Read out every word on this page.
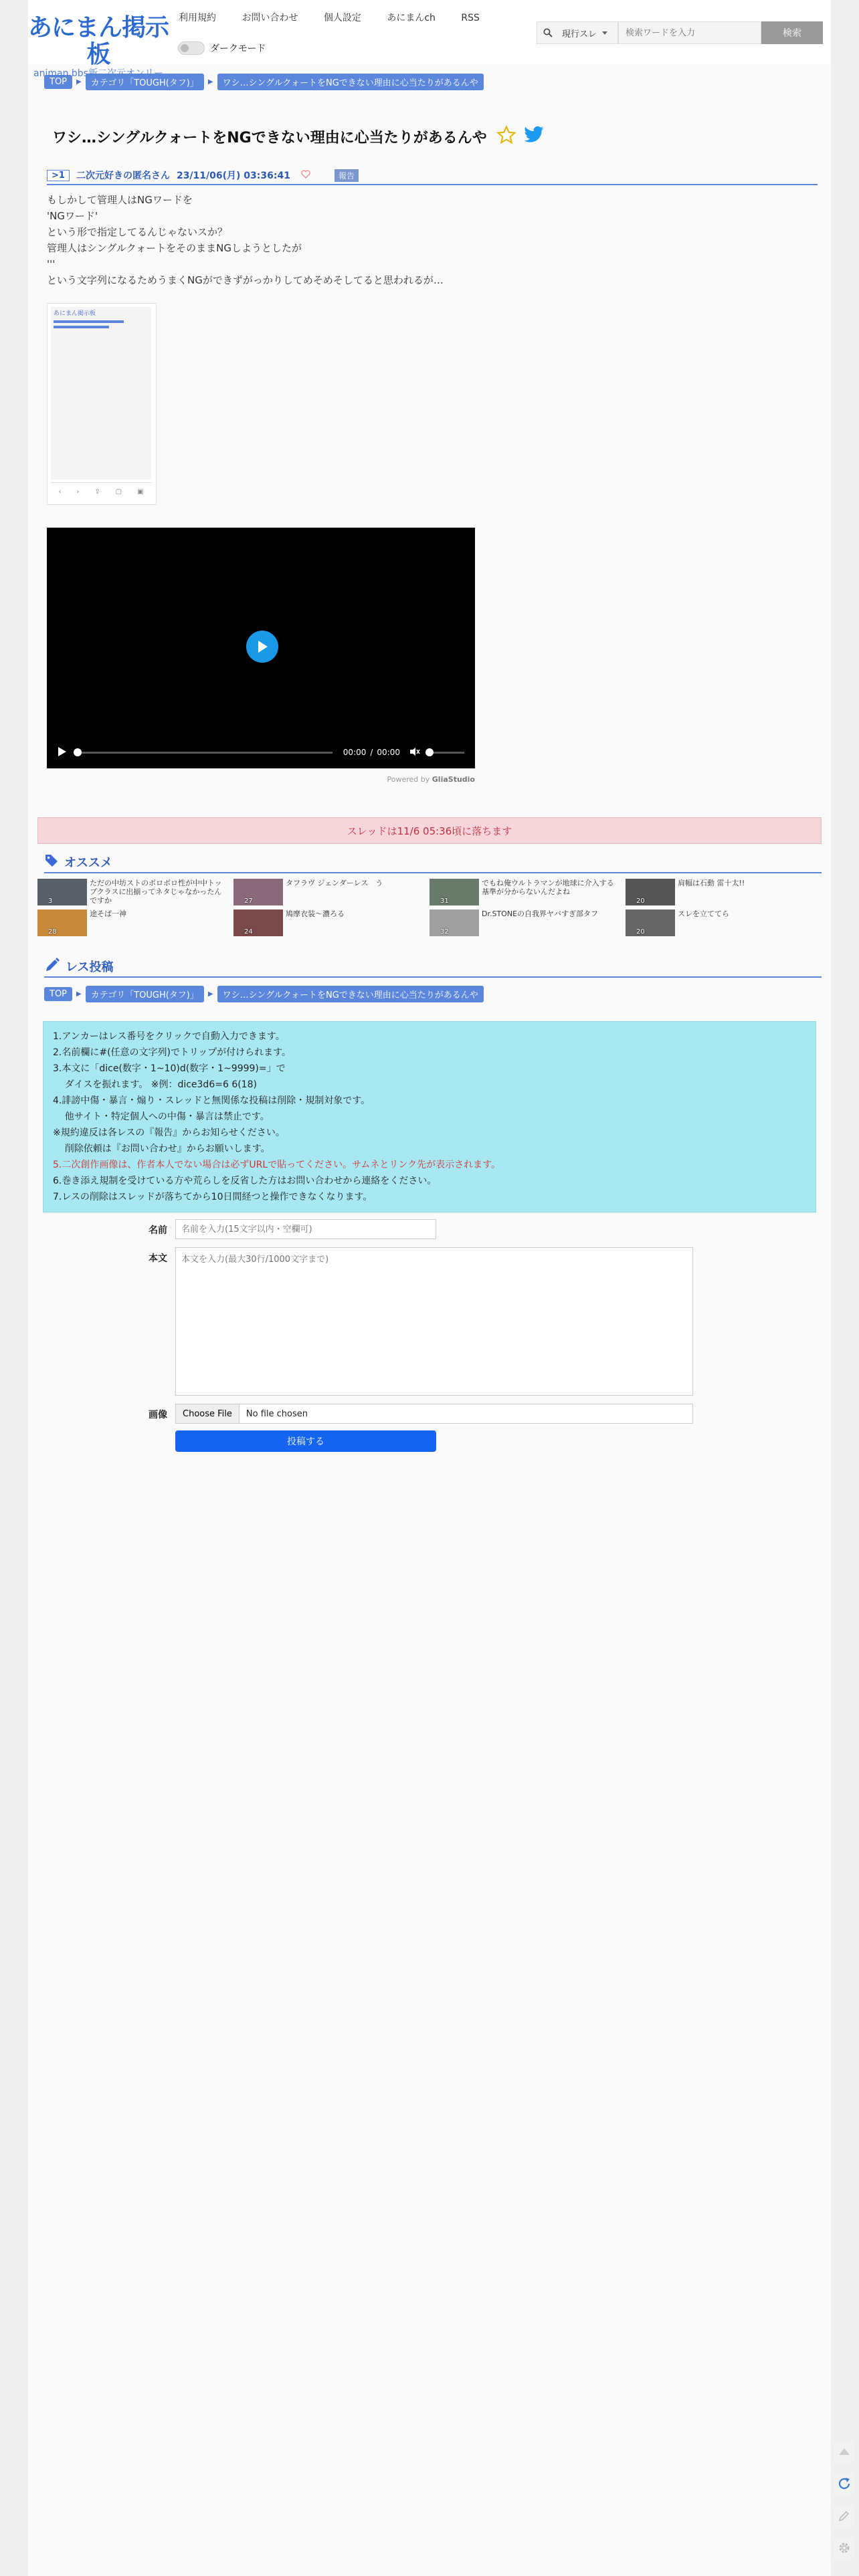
あにまん掲示板
animan bbs新二次元オンリー
利用規約	お問い合わせ	個人設定	あにまんch	RSS
ダークモード
現行スレ
検索ワードを入力	検索
TOP	▶	カテゴリ「TOUGH(タフ)」	▶	ワシ…シングルクォートをNGできない理由に心当たりがあるんや
ワシ…シングルクォートをNGできない理由に心当たりがあるんや
>1	二次元好きの匿名さん 23/11/06(月) 03:36:41	報告
もしかして管理人はNGワードを
'NGワード'
という形で指定してるんじゃないスか？
管理人はシングルクォートをそのままNGしようとしたが
'''
という文字列になるためうまくNGができずがっかりしてめそめそしてると思われるが…
あにまん掲示板
‹ › ⇪ ▢ ▣
00:00 / 00:00
Powered by GliaStudio
スレッドは11/6 05:36頃に落ちます
オススメ
3
ただの中坊ストのボロボロ性が中中トップクラスに出揃ってネタじゃなかったんですか	27
タフラヴ ジェンダーレス　う
31
でもね俺ウルトラマンが地球に介入する基準が分からないんだよね
20
肩幅は石動 雷十太!!
28
途そば一神
24
鳩摩衣装～濃ろる
32
Dr.STONEの自我界ヤバすぎ部タフ
20
スレを立ててら
レス投稿
TOP	▶	カテゴリ「TOUGH(タフ)」	▶	ワシ…シングルクォートをNGできない理由に心当たりがあるんや
1.アンカーはレス番号をクリックで自動入力できます。
2.名前欄に#(任意の文字列)でトリップが付けられます。
3.本文に「dice(数字・1~10)d(数字・1~9999)=」で
ダイスを振れます。 ※例：dice3d6=6 6(18)
4.誹謗中傷・暴言・煽り・スレッドと無関係な投稿は削除・規制対象です。
他サイト・特定個人への中傷・暴言は禁止です。
※規約違反は各レスの『報告』からお知らせください。
削除依頼は『お問い合わせ』からお願いします。
5.二次創作画像は、作者本人でない場合は必ずURLで貼ってください。サムネとリンク先が表示されます。
6.巻き添え規制を受けている方や荒らしを反省した方はお問い合わせから連絡をください。
7.レスの削除はスレッドが落ちてから10日間経つと操作できなくなります。
名前
名前を入力(15文字以内・空欄可)
本文
本文を入力(最大30行/1000文字まで)
画像	Choose File	No file chosen
投稿する
